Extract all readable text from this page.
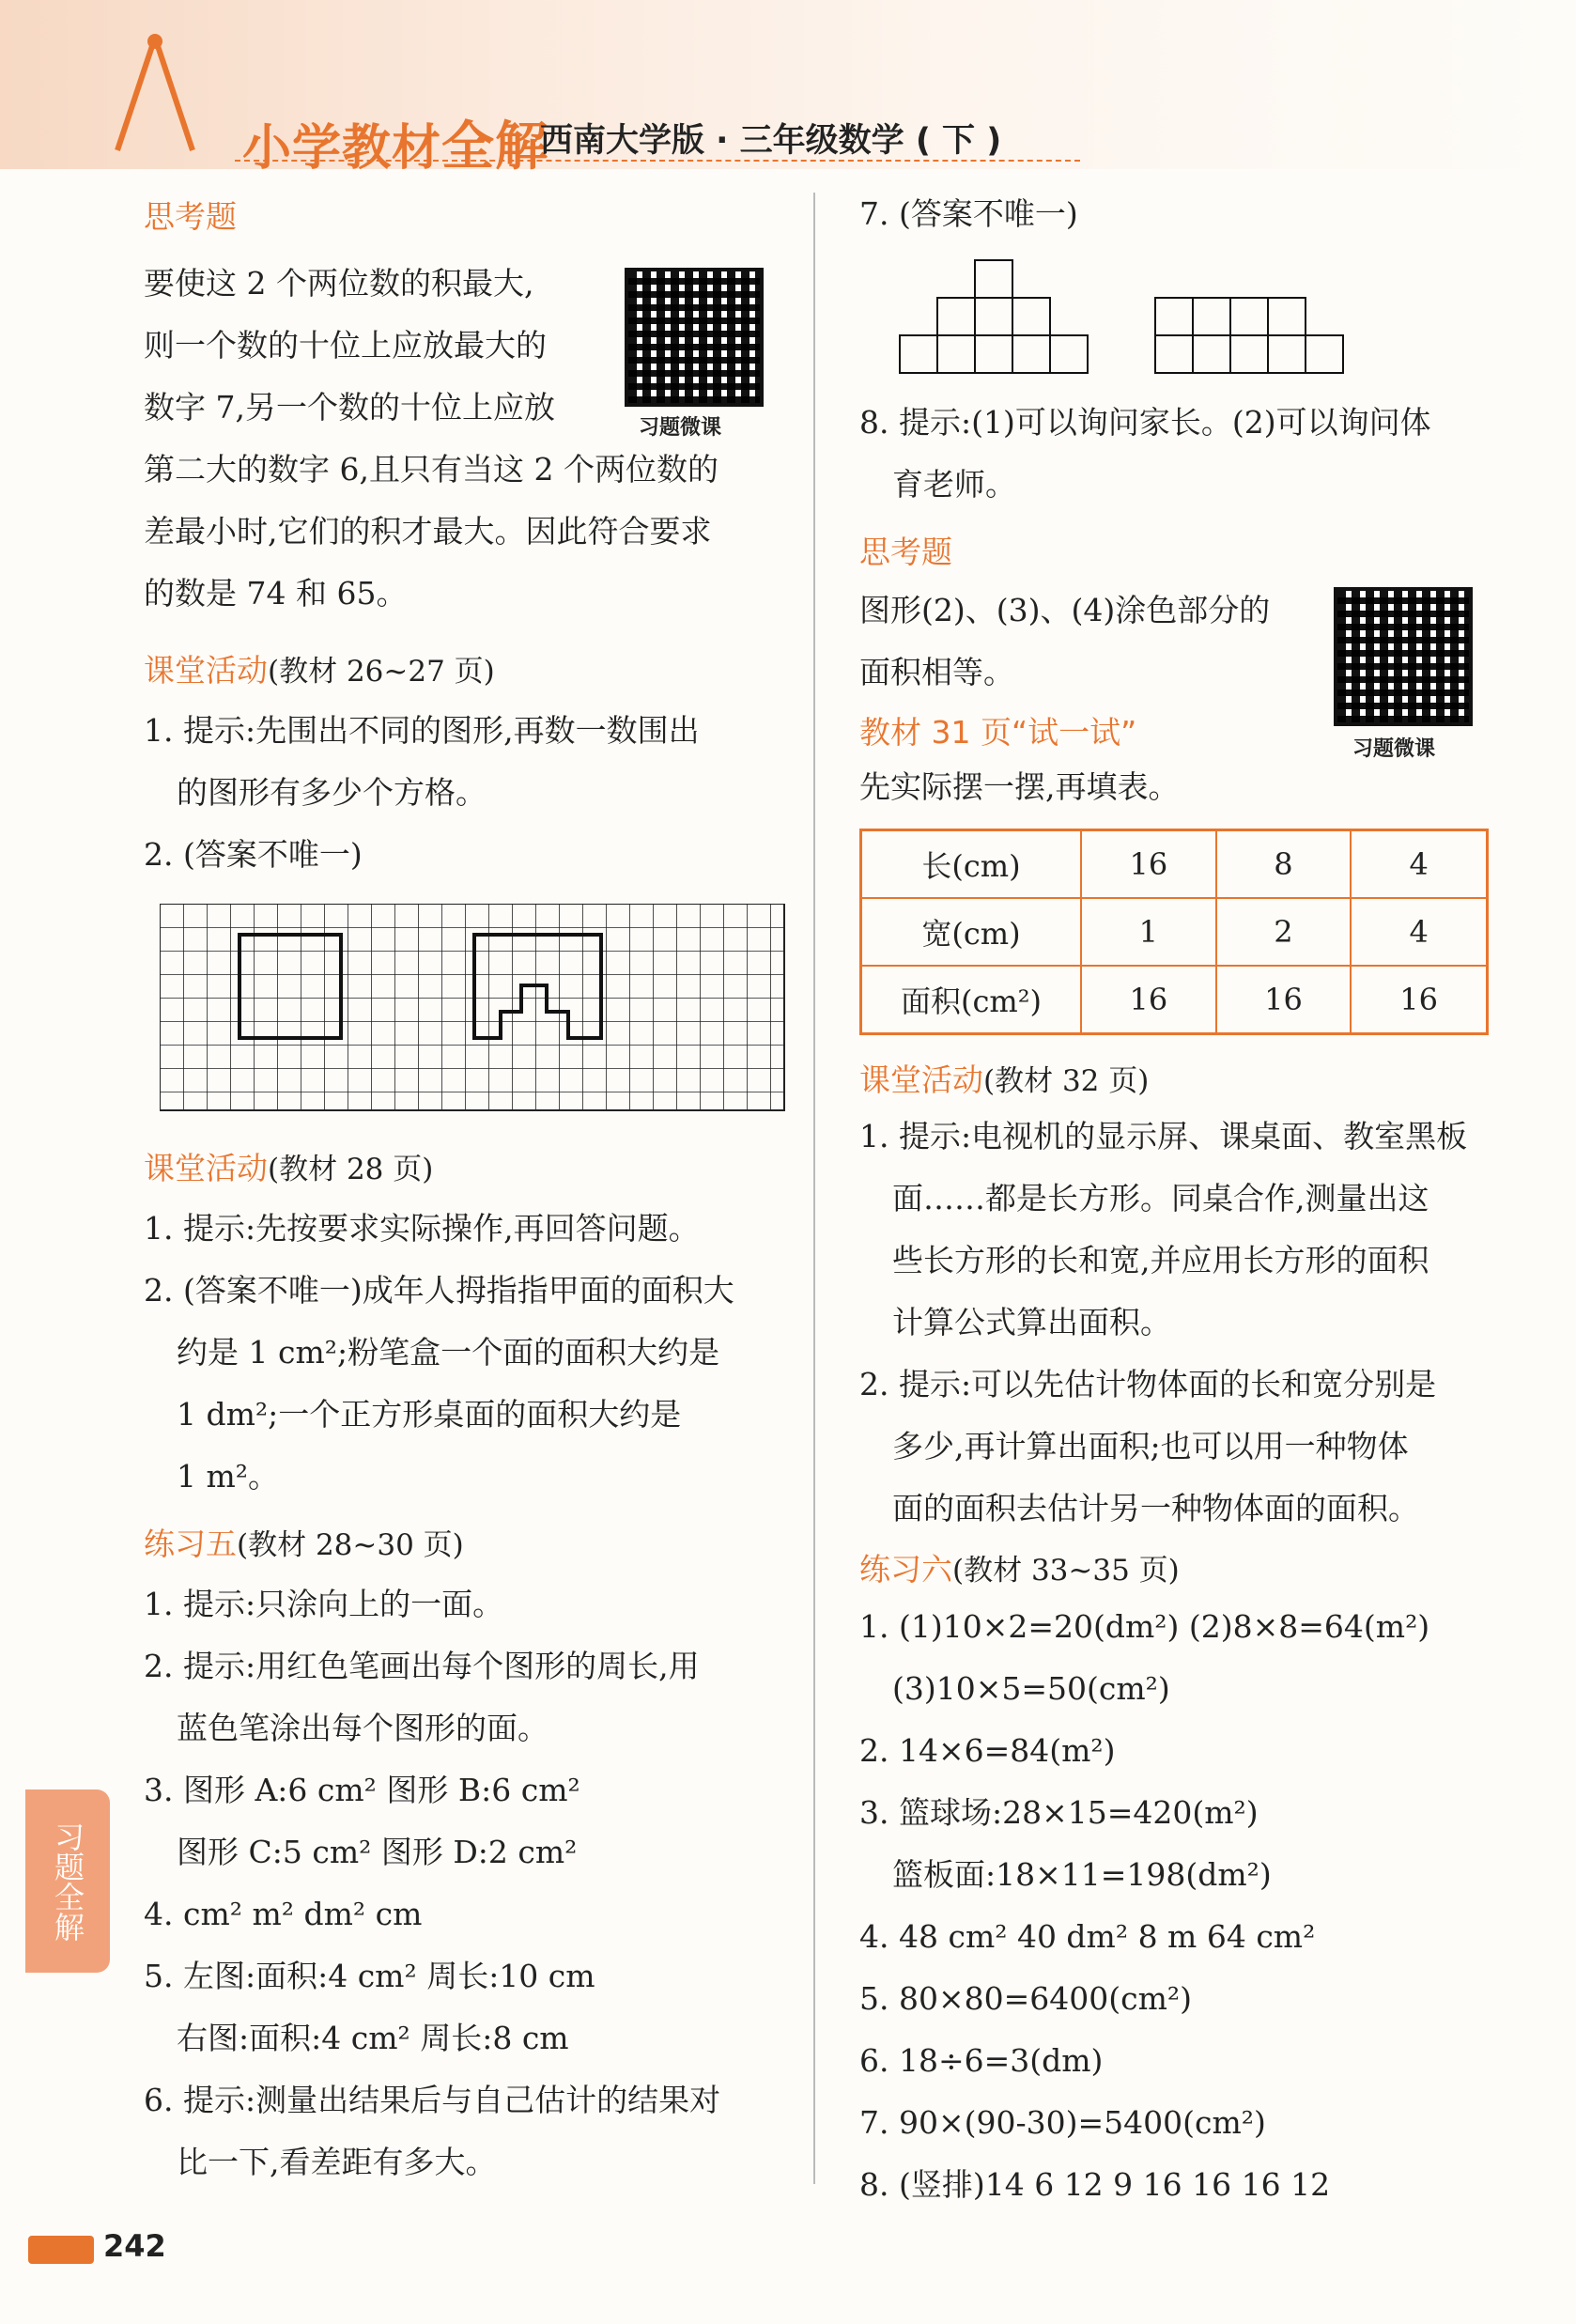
小学教材全解
西南大学版 · 三年级数学 ( 下 )
思考题
要使这 2 个两位数的积最大,
则一个数的十位上应放最大的
数字 7,另一个数的十位上应放
第二大的数字 6,且只有当这 2 个两位数的
差最小时,它们的积才最大。因此符合要求
的数是 74 和 65。
习题微课
课堂活动(教材 26~27 页)
1. 提示:先围出不同的图形,再数一数围出
的图形有多少个方格。
2. (答案不唯一)
课堂活动(教材 28 页)
1. 提示:先按要求实际操作,再回答问题。
2. (答案不唯一)成年人拇指指甲面的面积大
约是 1 cm²;粉笔盒一个面的面积大约是
1 dm²;一个正方形桌面的面积大约是
1 m²。
练习五(教材 28~30 页)
1. 提示:只涂向上的一面。
2. 提示:用红色笔画出每个图形的周长,用
蓝色笔涂出每个图形的面。
3. 图形 A:6 cm² 图形 B:6 cm²
图形 C:5 cm² 图形 D:2 cm²
4. cm² m² dm² cm
5. 左图:面积:4 cm² 周长:10 cm
右图:面积:4 cm² 周长:8 cm
6. 提示:测量出结果后与自己估计的结果对
比一下,看差距有多大。
7. (答案不唯一)
8. 提示:(1)可以询问家长。(2)可以询问体
育老师。
思考题
图形(2)、(3)、(4)涂色部分的
面积相等。
习题微课
教材 31 页“试一试”
先实际摆一摆,再填表。
长(cm)	16	8	4
宽(cm)	1	2	4
面积(cm²)	16	16	16
课堂活动(教材 32 页)
1. 提示:电视机的显示屏、课桌面、教室黑板
面……都是长方形。同桌合作,测量出这
些长方形的长和宽,并应用长方形的面积
计算公式算出面积。
2. 提示:可以先估计物体面的长和宽分别是
多少,再计算出面积;也可以用一种物体
面的面积去估计另一种物体面的面积。
练习六(教材 33~35 页)
1. (1)10×2=20(dm²) (2)8×8=64(m²)
(3)10×5=50(cm²)
2. 14×6=84(m²)
3. 篮球场:28×15=420(m²)
篮板面:18×11=198(dm²)
4. 48 cm² 40 dm² 8 m 64 cm²
5. 80×80=6400(cm²)
6. 18÷6=3(dm)
7. 90×(90-30)=5400(cm²)
8. (竖排)14 6 12 9 16 16 16 12
习题全解
242
